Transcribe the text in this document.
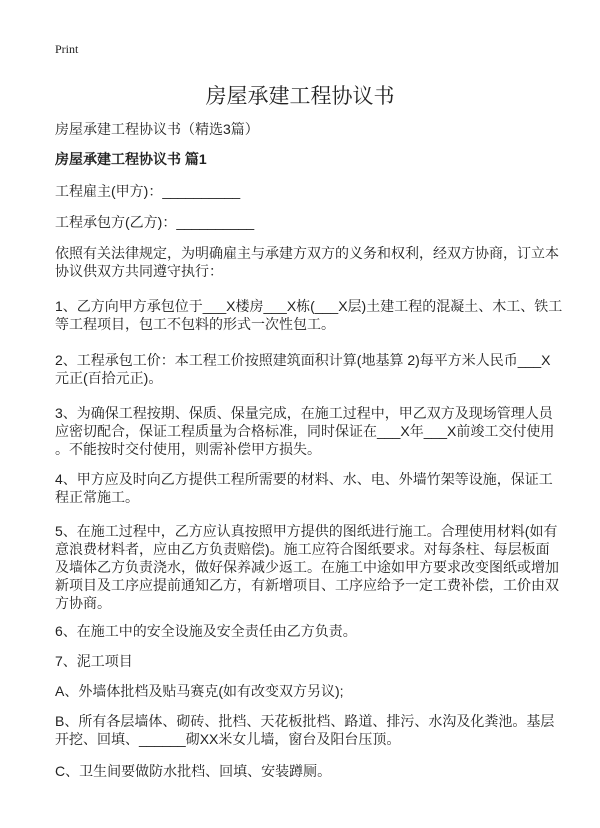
Print
房屋承建工程协议书
房屋承建工程协议书（精选3篇）
房屋承建工程协议书 篇1
工程雇主(甲方)：__________
工程承包方(乙方)：__________
依照有关法律规定，为明确雇主与承建方双方的义务和权利，经双方协商，订立本
协议供双方共同遵守执行：
1、乙方向甲方承包位于___X楼房___X栋(___X层)土建工程的混凝土、木工、铁工
等工程项目，包工不包料的形式一次性包工。
2、工程承包工价：本工程工价按照建筑面积计算(地基算 2)每平方米人民币___X
元正(百拾元正)。
3、为确保工程按期、保质、保量完成，在施工过程中，甲乙双方及现场管理人员
应密切配合，保证工程质量为合格标准，同时保证在___X年___X前竣工交付使用
。不能按时交付使用，则需补偿甲方损失。
4、甲方应及时向乙方提供工程所需要的材料、水、电、外墙竹架等设施，保证工
程正常施工。
5、在施工过程中，乙方应认真按照甲方提供的图纸进行施工。合理使用材料(如有
意浪费材料者，应由乙方负责赔偿)。施工应符合图纸要求。对每条柱、每层板面
及墙体乙方负责浇水，做好保养减少返工。在施工中途如甲方要求改变图纸或增加
新项目及工序应提前通知乙方，有新增项目、工序应给予一定工费补偿，工价由双
方协商。
6、在施工中的安全设施及安全责任由乙方负责。
7、泥工项目
A、外墙体批档及贴马赛克(如有改变双方另议);
B、所有各层墙体、砌砖、批档、天花板批档、路道、排污、水沟及化粪池。基层
开挖、回填、______砌XX米女儿墙，窗台及阳台压顶。
C、卫生间要做防水批档、回填、安装蹲厕。
